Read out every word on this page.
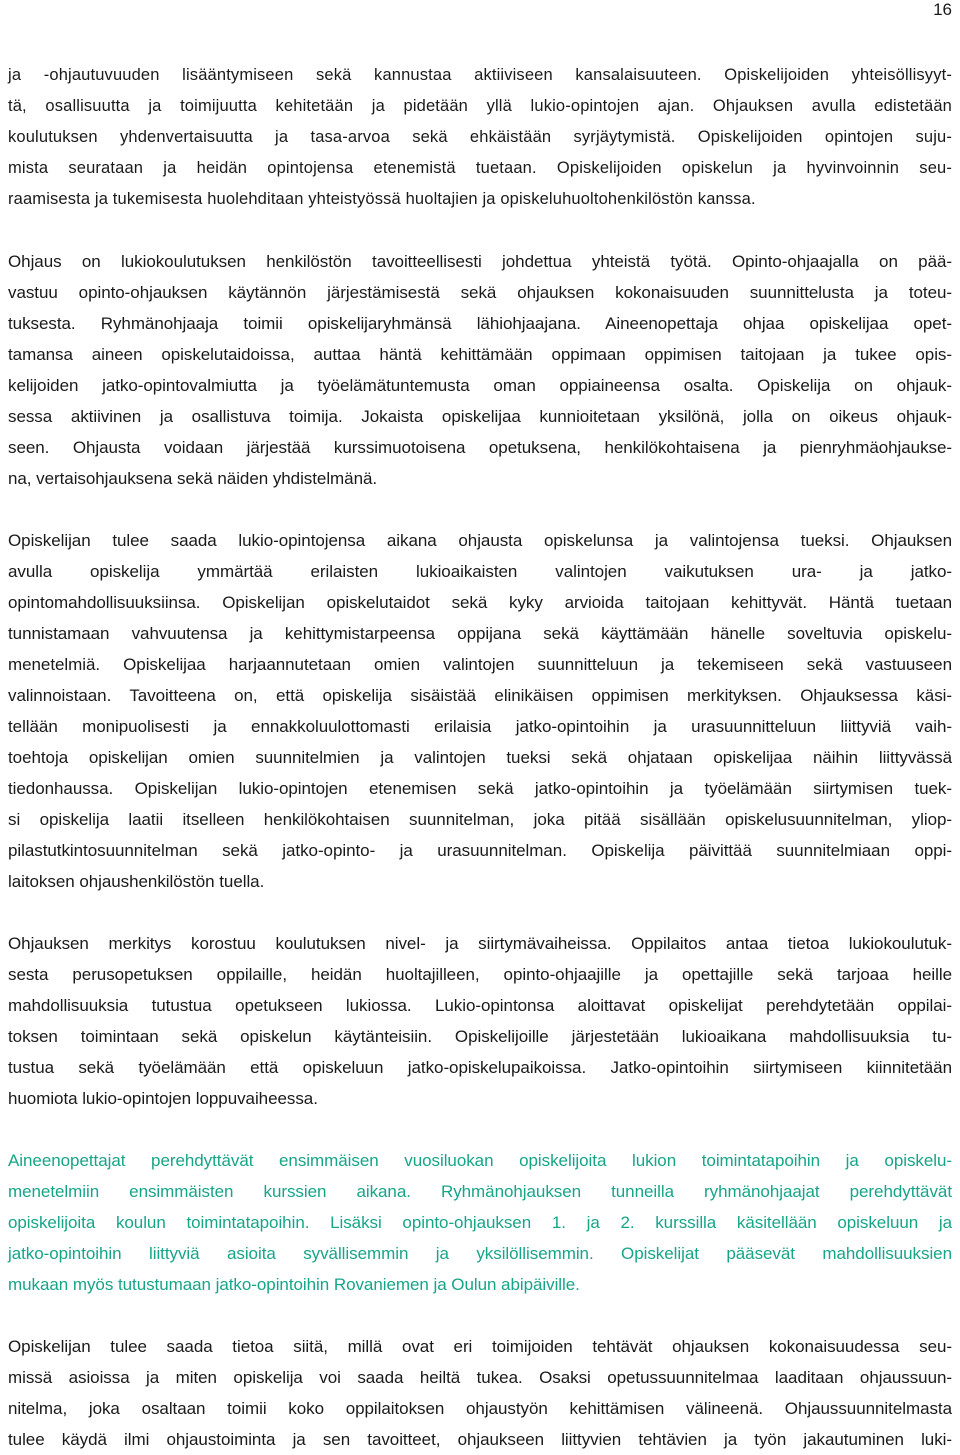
16
ja -ohjautuvuuden lisääntymiseen sekä kannustaa aktiiviseen kansalaisuuteen. Opiskelijoiden yhteisöllisyyt-
tä, osallisuutta ja toimijuutta kehitetään ja pidetään yllä lukio-opintojen ajan. Ohjauksen avulla edistetään
koulutuksen yhdenvertaisuutta ja tasa-arvoa sekä ehkäistään syrjäytymistä. Opiskelijoiden opintojen suju-
mista seurataan ja heidän opintojensa etenemistä tuetaan. Opiskelijoiden opiskelun ja hyvinvoinnin seu-
raamisesta ja tukemisesta huolehditaan yhteistyössä huoltajien ja opiskeluhuoltohenkilöstön kanssa.
Ohjaus on lukiokoulutuksen henkilöstön tavoitteellisesti johdettua yhteistä työtä. Opinto-ohjaajalla on pää-
vastuu opinto-ohjauksen käytännön järjestämisestä sekä ohjauksen kokonaisuuden suunnittelusta ja toteu-
tuksesta. Ryhmänohjaaja toimii opiskelijaryhmänsä lähiohjaajana. Aineenopettaja ohjaa opiskelijaa opet-
tamansa aineen opiskelutaidoissa, auttaa häntä kehittämään oppimaan oppimisen taitojaan ja tukee opis-
kelijoiden jatko-opintovalmiutta ja työelämätuntemusta oman oppiaineensa osalta. Opiskelija on ohjauk-
sessa aktiivinen ja osallistuva toimija. Jokaista opiskelijaa kunnioitetaan yksilönä, jolla on oikeus ohjauk-
seen. Ohjausta voidaan järjestää kurssimuotoisena opetuksena, henkilökohtaisena ja pienryhmäohjaukse-
na, vertaisohjauksena sekä näiden yhdistelmänä.
Opiskelijan tulee saada lukio-opintojensa aikana ohjausta opiskelunsa ja valintojensa tueksi. Ohjauksen
avulla opiskelija ymmärtää erilaisten lukioaikaisten valintojen vaikutuksen ura- ja jatko-
opintomahdollisuuksiinsa. Opiskelijan opiskelutaidot sekä kyky arvioida taitojaan kehittyvät. Häntä tuetaan
tunnistamaan vahvuutensa ja kehittymistarpeensa oppijana sekä käyttämään hänelle soveltuvia opiskelu-
menetelmiä. Opiskelijaa harjaannutetaan omien valintojen suunnitteluun ja tekemiseen sekä vastuuseen
valinnoistaan. Tavoitteena on, että opiskelija sisäistää elinikäisen oppimisen merkityksen. Ohjauksessa käsi-
tellään monipuolisesti ja ennakkoluulottomasti erilaisia jatko-opintoihin ja urasuunnitteluun liittyviä vaih-
toehtoja opiskelijan omien suunnitelmien ja valintojen tueksi sekä ohjataan opiskelijaa näihin liittyvässä
tiedonhaussa. Opiskelijan lukio-opintojen etenemisen sekä jatko-opintoihin ja työelämään siirtymisen tuek-
si opiskelija laatii itselleen henkilökohtaisen suunnitelman, joka pitää sisällään opiskelusuunnitelman, yliop-
pilastutkintosuunnitelman sekä jatko-opinto- ja urasuunnitelman. Opiskelija päivittää suunnitelmiaan oppi-
laitoksen ohjaushenkilöstön tuella.
Ohjauksen merkitys korostuu koulutuksen nivel- ja siirtymävaiheissa. Oppilaitos antaa tietoa lukiokoulutuk-
sesta perusopetuksen oppilaille, heidän huoltajilleen, opinto-ohjaajille ja opettajille sekä tarjoaa heille
mahdollisuuksia tutustua opetukseen lukiossa. Lukio-opintonsa aloittavat opiskelijat perehdytetään oppilai-
toksen toimintaan sekä opiskelun käytänteisiin. Opiskelijoille järjestetään lukioaikana mahdollisuuksia tu-
tustua sekä työelämään että opiskeluun jatko-opiskelupaikoissa. Jatko-opintoihin siirtymiseen kiinnitetään
huomiota lukio-opintojen loppuvaiheessa.
Aineenopettajat perehdyttävät ensimmäisen vuosiluokan opiskelijoita lukion toimintatapoihin ja opiskelu-
menetelmiin ensimmäisten kurssien aikana. Ryhmänohjauksen tunneilla ryhmänohjaajat perehdyttävät
opiskelijoita koulun toimintatapoihin. Lisäksi opinto-ohjauksen 1. ja 2. kurssilla käsitellään opiskeluun ja
jatko-opintoihin liittyviä asioita syvällisemmin ja yksilöllisemmin. Opiskelijat pääsevät mahdollisuuksien
mukaan myös tutustumaan jatko-opintoihin Rovaniemen ja Oulun abipäiville.
Opiskelijan tulee saada tietoa siitä, millä ovat eri toimijoiden tehtävät ohjauksen kokonaisuudessa seu-
missä asioissa ja miten opiskelija voi saada heiltä tukea. Osaksi opetussuunnitelmaa laaditaan ohjaussuun-
nitelma, joka osaltaan toimii koko oppilaitoksen ohjaustyön kehittämisen välineenä. Ohjaussuunnitelmasta
tulee käydä ilmi ohjaustoiminta ja sen tavoitteet, ohjaukseen liittyvien tehtävien ja työn jakautuminen luki-
